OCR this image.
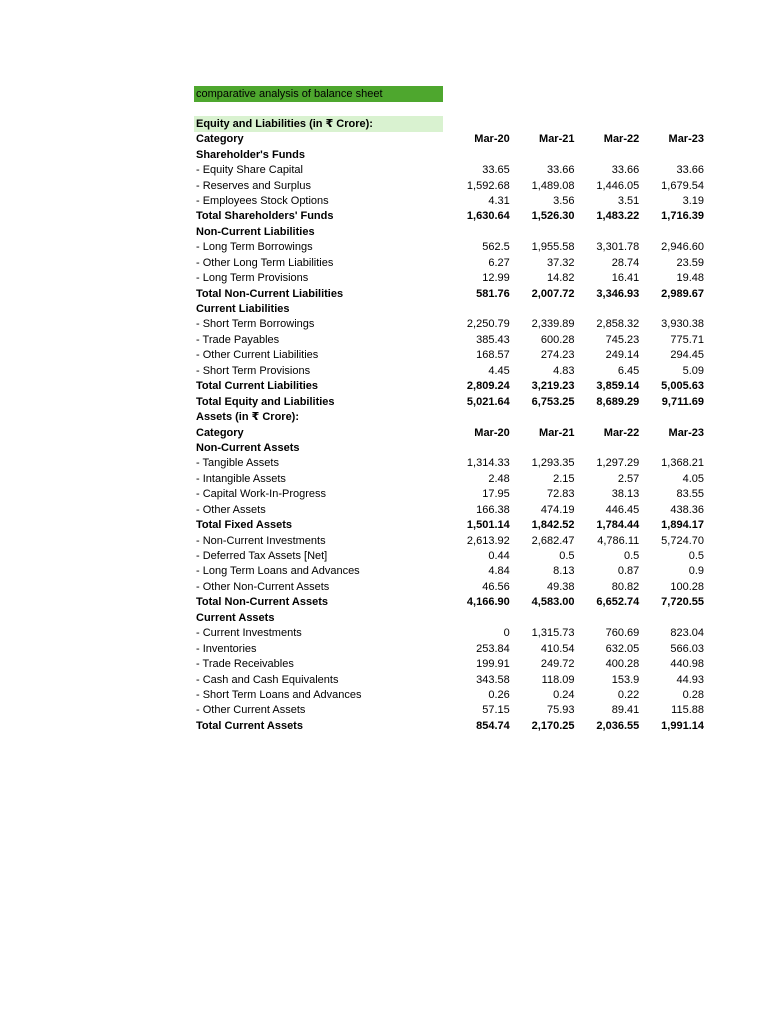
comparative analysis of balance sheet
Equity and Liabilities (in ₹ Crore):
Category	Mar-20	Mar-21	Mar-22	Mar-23
Shareholder's Funds				
- Equity Share Capital	33.65	33.66	33.66	33.66
- Reserves and Surplus	1,592.68	1,489.08	1,446.05	1,679.54
- Employees Stock Options	4.31	3.56	3.51	3.19
Total Shareholders' Funds	1,630.64	1,526.30	1,483.22	1,716.39
Non-Current Liabilities				
- Long Term Borrowings	562.5	1,955.58	3,301.78	2,946.60
- Other Long Term Liabilities	6.27	37.32	28.74	23.59
- Long Term Provisions	12.99	14.82	16.41	19.48
Total Non-Current Liabilities	581.76	2,007.72	3,346.93	2,989.67
Current Liabilities				
- Short Term Borrowings	2,250.79	2,339.89	2,858.32	3,930.38
- Trade Payables	385.43	600.28	745.23	775.71
- Other Current Liabilities	168.57	274.23	249.14	294.45
- Short Term Provisions	4.45	4.83	6.45	5.09
Total Current Liabilities	2,809.24	3,219.23	3,859.14	5,005.63
Total Equity and Liabilities	5,021.64	6,753.25	8,689.29	9,711.69
Assets (in ₹ Crore):				
Category	Mar-20	Mar-21	Mar-22	Mar-23
Non-Current Assets				
- Tangible Assets	1,314.33	1,293.35	1,297.29	1,368.21
- Intangible Assets	2.48	2.15	2.57	4.05
- Capital Work-In-Progress	17.95	72.83	38.13	83.55
- Other Assets	166.38	474.19	446.45	438.36
Total Fixed Assets	1,501.14	1,842.52	1,784.44	1,894.17
- Non-Current Investments	2,613.92	2,682.47	4,786.11	5,724.70
- Deferred Tax Assets [Net]	0.44	0.5	0.5	0.5
- Long Term Loans and Advances	4.84	8.13	0.87	0.9
- Other Non-Current Assets	46.56	49.38	80.82	100.28
Total Non-Current Assets	4,166.90	4,583.00	6,652.74	7,720.55
Current Assets				
- Current Investments	0	1,315.73	760.69	823.04
- Inventories	253.84	410.54	632.05	566.03
- Trade Receivables	199.91	249.72	400.28	440.98
- Cash and Cash Equivalents	343.58	118.09	153.9	44.93
- Short Term Loans and Advances	0.26	0.24	0.22	0.28
- Other Current Assets	57.15	75.93	89.41	115.88
Total Current Assets	854.74	2,170.25	2,036.55	1,991.14
